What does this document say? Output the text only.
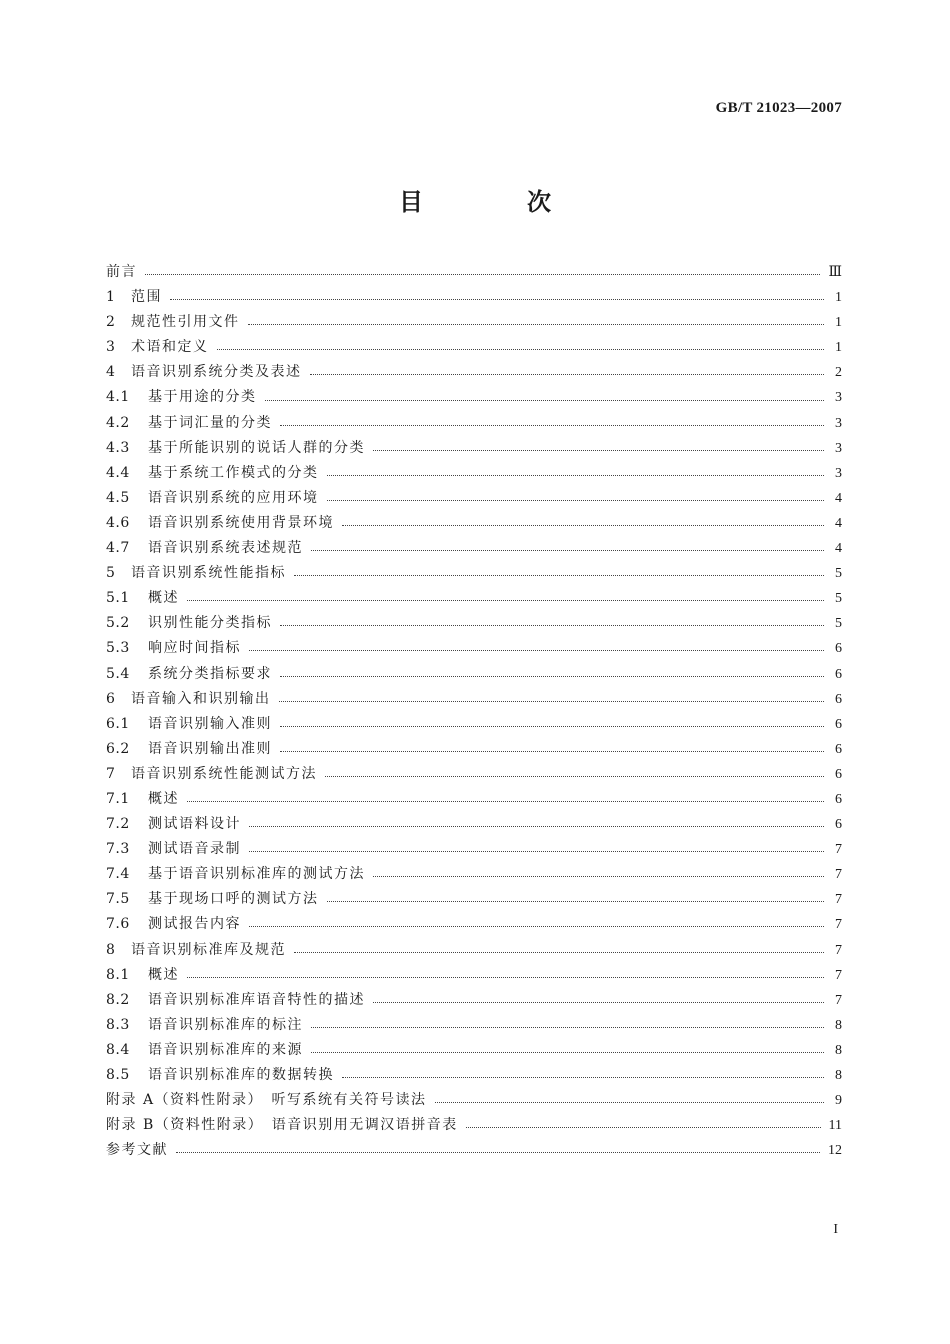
GB/T 21023—2007
目　次
前言	Ⅲ
1	范围	1
2	规范性引用文件	1
3	术语和定义	1
4	语音识别系统分类及表述	2
4.1	基于用途的分类	3
4.2	基于词汇量的分类	3
4.3	基于所能识别的说话人群的分类	3
4.4	基于系统工作模式的分类	3
4.5	语音识别系统的应用环境	4
4.6	语音识别系统使用背景环境	4
4.7	语音识别系统表述规范	4
5	语音识别系统性能指标	5
5.1	概述	5
5.2	识别性能分类指标	5
5.3	响应时间指标	6
5.4	系统分类指标要求	6
6	语音输入和识别输出	6
6.1	语音识别输入准则	6
6.2	语音识别输出准则	6
7	语音识别系统性能测试方法	6
7.1	概述	6
7.2	测试语料设计	6
7.3	测试语音录制	7
7.4	基于语音识别标准库的测试方法	7
7.5	基于现场口呼的测试方法	7
7.6	测试报告内容	7
8	语音识别标准库及规范	7
8.1	概述	7
8.2	语音识别标准库语音特性的描述	7
8.3	语音识别标准库的标注	8
8.4	语音识别标准库的来源	8
8.5	语音识别标准库的数据转换	8
附录 A（资料性附录）　听写系统有关符号读法	9
附录 B（资料性附录）　语音识别用无调汉语拼音表	11
参考文献	12
I
